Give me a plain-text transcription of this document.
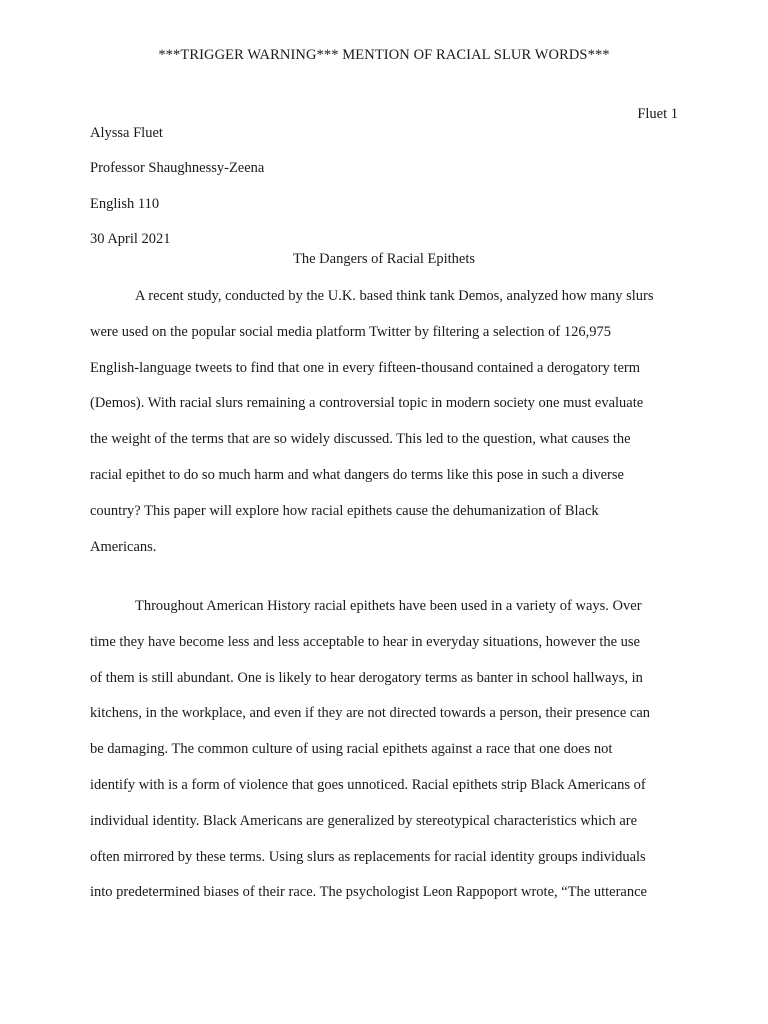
***TRIGGER WARNING*** MENTION OF RACIAL SLUR WORDS***
Fluet 1
Alyssa Fluet
Professor Shaughnessy-Zeena
English 110
30 April 2021
The Dangers of Racial Epithets
A recent study, conducted by the U.K. based think tank Demos, analyzed how many slurs
were used on the popular social media platform Twitter by filtering a selection of 126,975
English-language tweets to find that one in every fifteen-thousand contained a derogatory term
(Demos). With racial slurs remaining a controversial topic in modern society one must evaluate
the weight of the terms that are so widely discussed. This led to the question, what causes the
racial epithet to do so much harm and what dangers do terms like this pose in such a diverse
country? This paper will explore how racial epithets cause the dehumanization of Black
Americans.
Throughout American History racial epithets have been used in a variety of ways. Over
time they have become less and less acceptable to hear in everyday situations, however the use
of them is still abundant. One is likely to hear derogatory terms as banter in school hallways, in
kitchens, in the workplace, and even if they are not directed towards a person, their presence can
be damaging. The common culture of using racial epithets against a race that one does not
identify with is a form of violence that goes unnoticed. Racial epithets strip Black Americans of
individual identity. Black Americans are generalized by stereotypical characteristics which are
often mirrored by these terms. Using slurs as replacements for racial identity groups individuals
into predetermined biases of their race. The psychologist Leon Rappoport wrote, “The utterance
